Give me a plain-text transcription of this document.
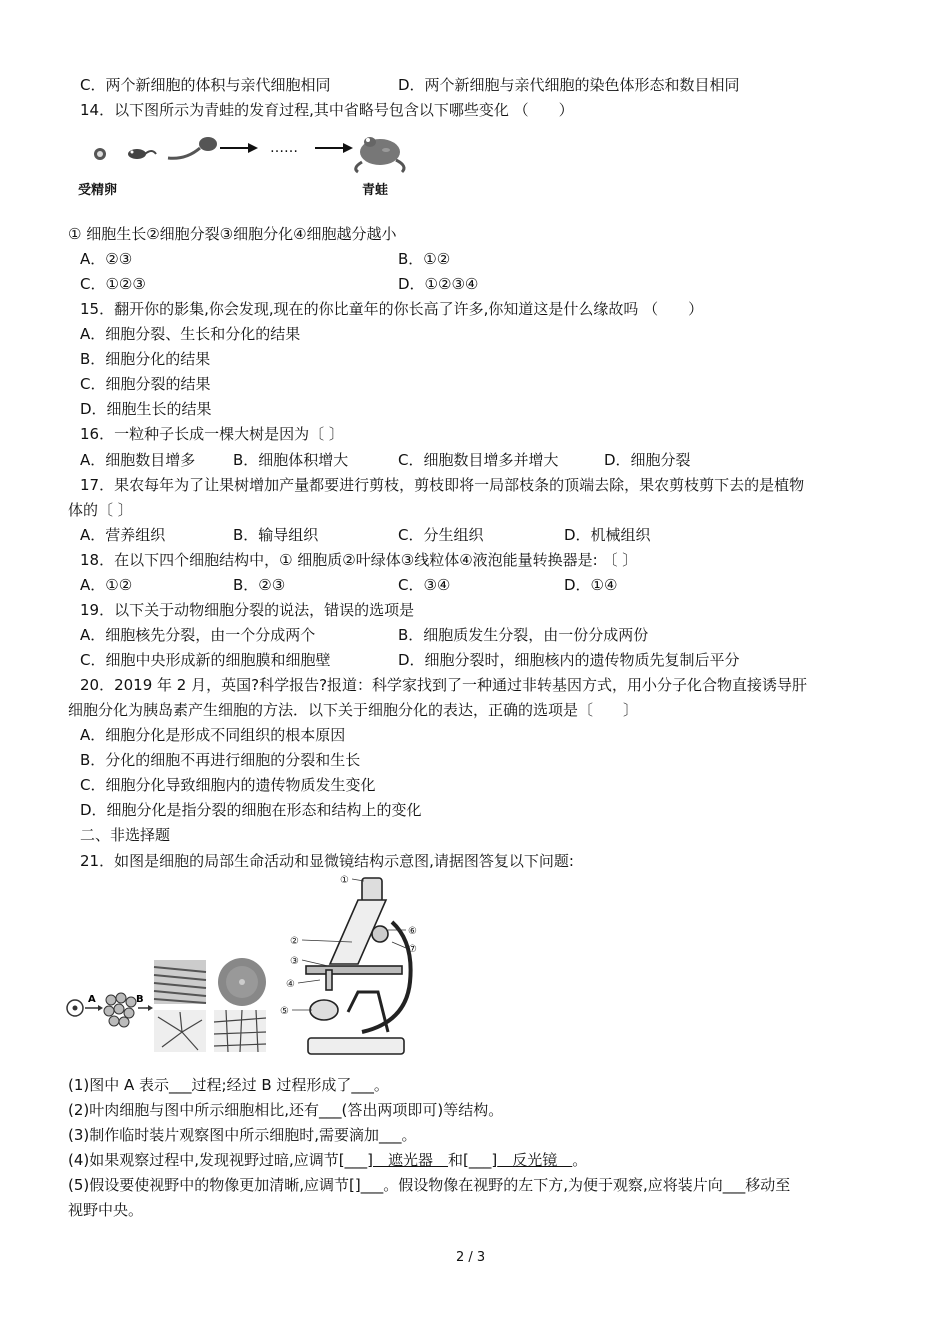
C．两个新细胞的体积与亲代细胞相同	D．两个新细胞与亲代细胞的染色体形态和数目相同
14．以下图所示为青蛙的发育过程,其中省略号包含以下哪些变化 （　　）
……
受精卵	青蛙
① 细胞生长②细胞分裂③细胞分化④细胞越分越小
A．②③	B．①②
C．①②③	D．①②③④
15．翻开你的影集,你会发现,现在的你比童年的你长高了许多,你知道这是什么缘故吗 （　　）
A．细胞分裂、生长和分化的结果
B．细胞分化的结果
C．细胞分裂的结果
D．细胞生长的结果
16．一粒种子长成一棵大树是因为〔 〕
A．细胞数目增多	B．细胞体积增大	C．细胞数目增多并增大	D．细胞分裂
17．果农每年为了让果树增加产量都要进行剪枝，剪枝即将一局部枝条的顶端去除，果农剪枝剪下去的是植物
体的〔 〕
A．营养组织	B．输导组织	C．分生组织	D．机械组织
18．在以下四个细胞结构中，① 细胞质②叶绿体③线粒体④液泡能量转换器是: 〔 〕
A．①②	B．②③	C．③④	D．①④
19．以下关于动物细胞分裂的说法，错误的选项是
A．细胞核先分裂，由一个分成两个	B．细胞质发生分裂，由一份分成两份
C．细胞中央形成新的细胞膜和细胞壁	D．细胞分裂时，细胞核内的遗传物质先复制后平分
20．2019 年 2 月，英国?科学报告?报道：科学家找到了一种通过非转基因方式，用小分子化合物直接诱导肝
细胞分化为胰岛素产生细胞的方法．以下关于细胞分化的表达，正确的选项是〔　　〕
A．细胞分化是形成不同组织的根本原因
B．分化的细胞不再进行细胞的分裂和生长
C．细胞分化导致细胞内的遗传物质发生变化
D．细胞分化是指分裂的细胞在形态和结构上的变化
二、非选择题
21．如图是细胞的局部生命活动和显微镜结构示意图,请据图答复以下问题:
A	B
①
②
③
④
⑤
⑥
⑦
(1)图中 A 表示___过程;经过 B 过程形成了___。
(2)叶肉细胞与图中所示细胞相比,还有___(答出两项即可)等结构。
(3)制作临时装片观察图中所示细胞时,需要滴加___。
(4)如果观察过程中,发现视野过暗,应调节[___]　遮光器　和[___]　反光镜　。
(5)假设要使视野中的物像更加清晰,应调节[]___。假设物像在视野的左下方,为便于观察,应将装片向___移动至
视野中央。
2 / 3
